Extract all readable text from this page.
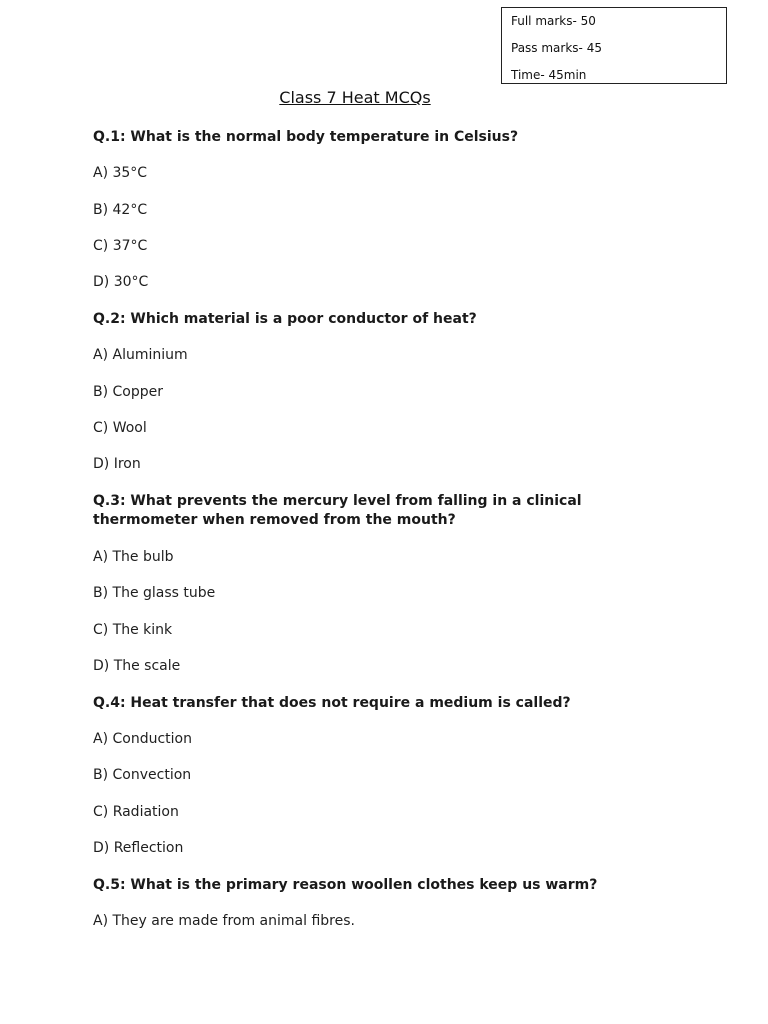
Full marks- 50
Pass marks- 45
Time- 45min
Class 7 Heat MCQs
Q.1: What is the normal body temperature in Celsius?
A) 35°C
B) 42°C
C) 37°C
D) 30°C
Q.2: Which material is a poor conductor of heat?
A) Aluminium
B) Copper
C) Wool
D) Iron
Q.3: What prevents the mercury level from falling in a clinical thermometer when removed from the mouth?
A) The bulb
B) The glass tube
C) The kink
D) The scale
Q.4: Heat transfer that does not require a medium is called?
A) Conduction
B) Convection
C) Radiation
D) Reflection
Q.5: What is the primary reason woollen clothes keep us warm?
A) They are made from animal fibres.
